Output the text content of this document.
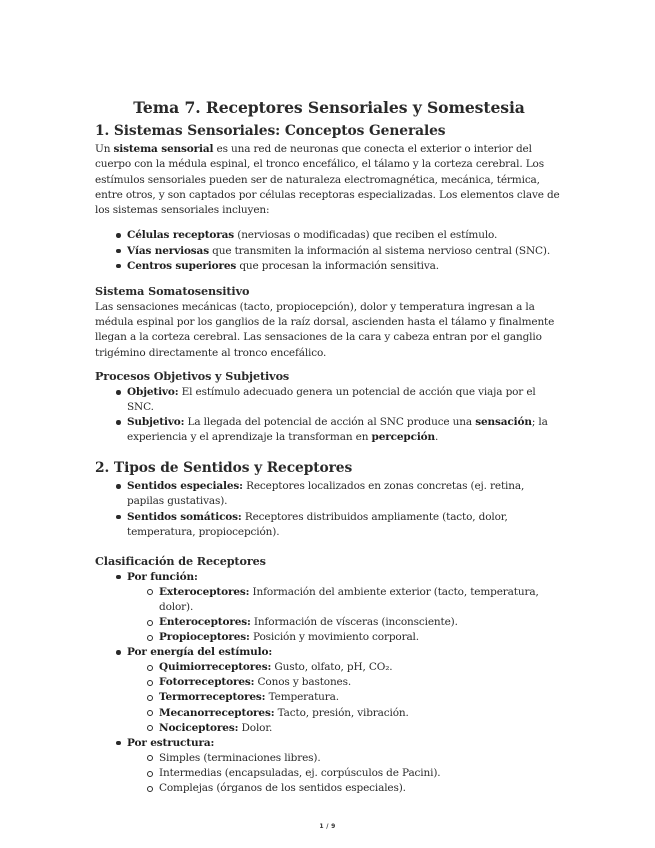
Tema 7. Receptores Sensoriales y Somestesia
1. Sistemas Sensoriales: Conceptos Generales

Un sistema sensorial es una red de neuronas que conecta el exterior o interior del cuerpo con la médula espinal, el tronco encefálico, el tálamo y la corteza cerebral. Los estímulos sensoriales pueden ser de naturaleza electromagnética, mecánica, térmica, entre otros, y son captados por células receptoras especializadas. Los elementos clave de los sistemas sensoriales incluyen:

Células receptoras (nerviosas o modificadas) que reciben el estímulo.
Vías nerviosas que transmiten la información al sistema nervioso central (SNC).
Centros superiores que procesan la información sensitiva.
Sistema Somatosensitivo

Las sensaciones mecánicas (tacto, propiocepción), dolor y temperatura ingresan a la médula espinal por los ganglios de la raíz dorsal, ascienden hasta el tálamo y finalmente llegan a la corteza cerebral. Las sensaciones de la cara y cabeza entran por el ganglio trigémino directamente al tronco encefálico.

Procesos Objetivos y Subjetivos
Objetivo: El estímulo adecuado genera un potencial de acción que viaja por el SNC.
Subjetivo: La llegada del potencial de acción al SNC produce una sensación; la experiencia y el aprendizaje la transforman en percepción.
2. Tipos de Sentidos y Receptores
Sentidos especiales: Receptores localizados en zonas concretas (ej. retina, papilas gustativas).
Sentidos somáticos: Receptores distribuidos ampliamente (tacto, dolor, temperatura, propiocepción).
Clasificación de Receptores
Por función:
Exteroceptores: Información del ambiente exterior (tacto, temperatura, dolor).
Enteroceptores: Información de vísceras (inconsciente).
Propioceptores: Posición y movimiento corporal.
Por energía del estímulo:
Quimiorreceptores: Gusto, olfato, pH, CO₂.
Fotorreceptores: Conos y bastones.
Termorreceptores: Temperatura.
Mecanorreceptores: Tacto, presión, vibración.
Nociceptores: Dolor.
Por estructura:
Simples (terminaciones libres).
Intermedias (encapsuladas, ej. corpúsculos de Pacini).
Complejas (órganos de los sentidos especiales).
1 / 9
